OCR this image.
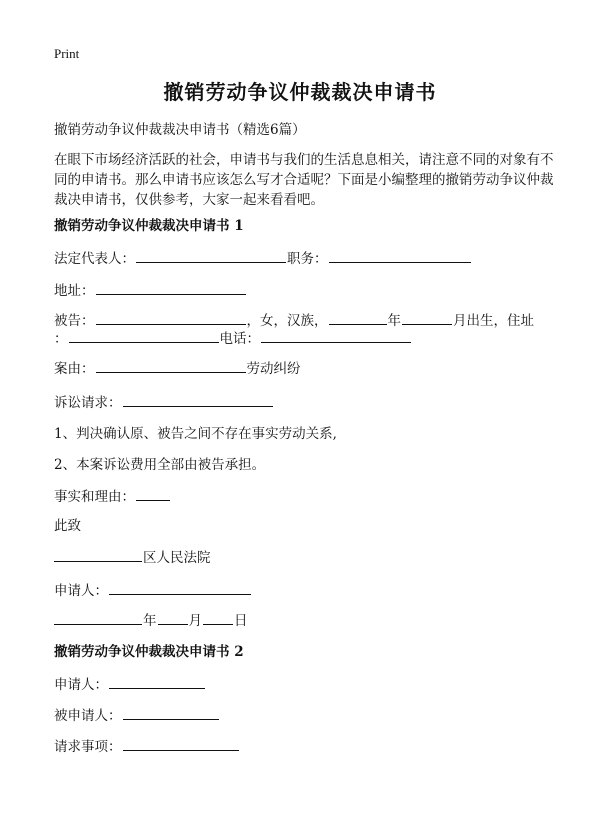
Print
撤销劳动争议仲裁裁决申请书
撤销劳动争议仲裁裁决申请书（精选6篇）
在眼下市场经济活跃的社会，申请书与我们的生活息息相关，请注意不同的对象有不同的申请书。那么申请书应该怎么写才合适呢？下面是小编整理的撤销劳动争议仲裁裁决申请书，仅供参考，大家一起来看看吧。
撤销劳动争议仲裁裁决申请书 1
法定代表人：	职务：
地址：
被告：	，女，汉族，	年	月出生，住址
：	电话：
案由：	劳动纠纷
诉讼请求：
1、判决确认原、被告之间不存在事实劳动关系,
2、本案诉讼费用全部由被告承担。
事实和理由：
此致
区人民法院
申请人：
年 月 日
撤销劳动争议仲裁裁决申请书 2
申请人：
被申请人：
请求事项：
